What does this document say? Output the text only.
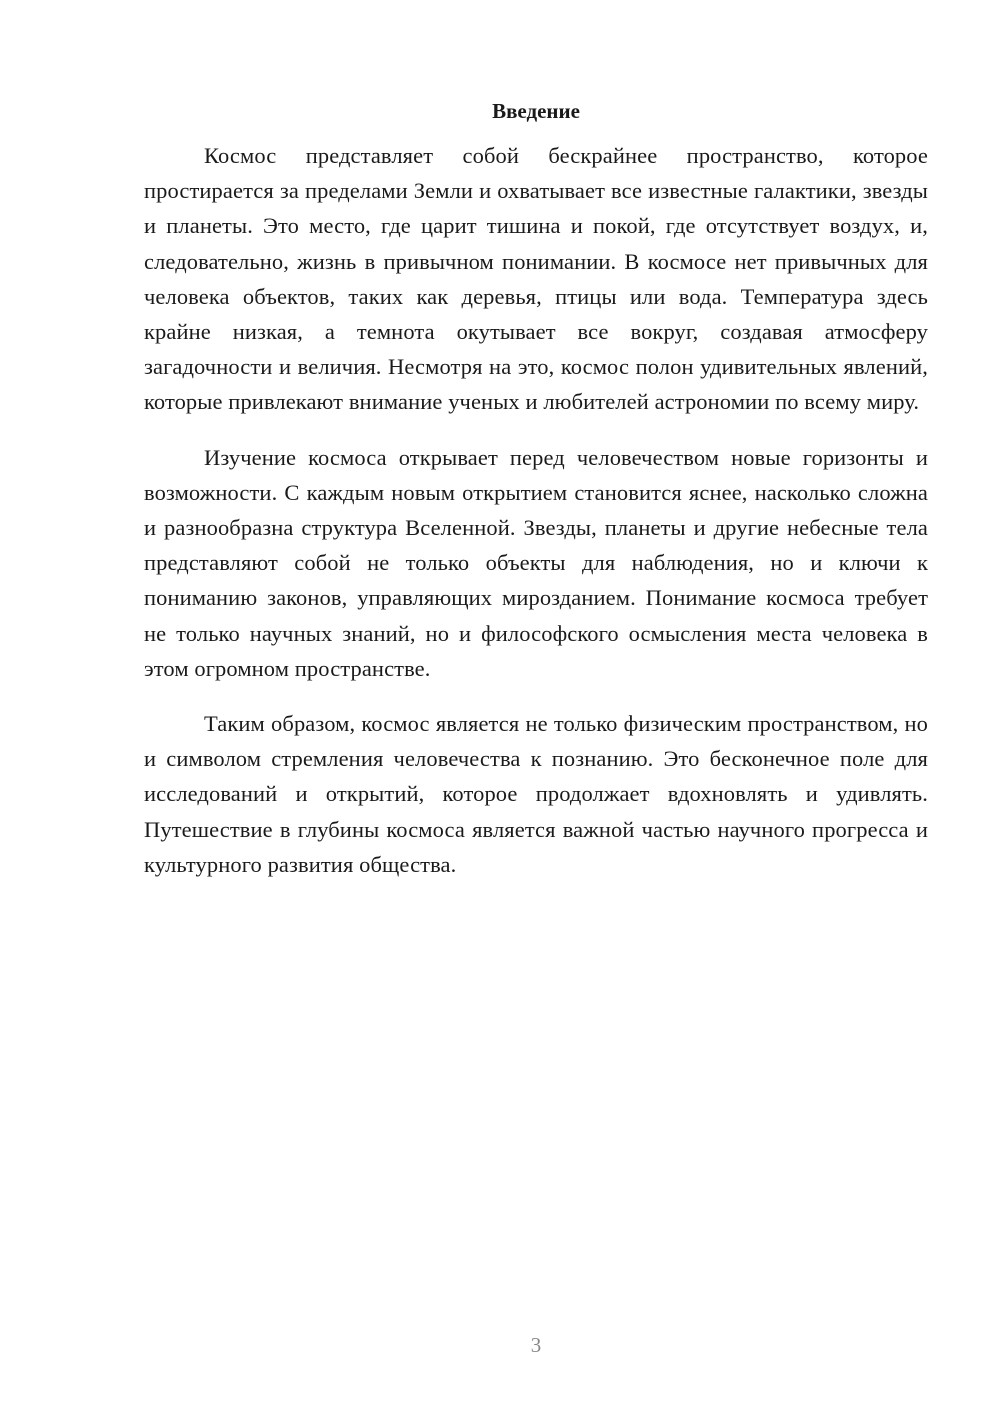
Введение

Космос представляет собой бескрайнее пространство, которое простирается за пределами Земли и охватывает все известные галактики, звезды и планеты. Это место, где царит тишина и покой, где отсутствует воздух, и, следовательно, жизнь в привычном понимании. В космосе нет привычных для человека объектов, таких как деревья, птицы или вода. Температура здесь крайне низкая, а темнота окутывает все вокруг, создавая атмосферу загадочности и величия. Несмотря на это, космос полон удивительных явлений, которые привлекают внимание ученых и любителей астрономии по всему миру.

Изучение космоса открывает перед человечеством новые горизонты и возможности. С каждым новым открытием становится яснее, насколько сложна и разнообразна структура Вселенной. Звезды, планеты и другие небесные тела представляют собой не только объекты для наблюдения, но и ключи к пониманию законов, управляющих мирозданием. Понимание космоса требует не только научных знаний, но и философского осмысления места человека в этом огромном пространстве.

Таким образом, космос является не только физическим пространством, но и символом стремления человечества к познанию. Это бесконечное поле для исследований и открытий, которое продолжает вдохновлять и удивлять. Путешествие в глубины космоса является важной частью научного прогресса и культурного развития общества.

3
